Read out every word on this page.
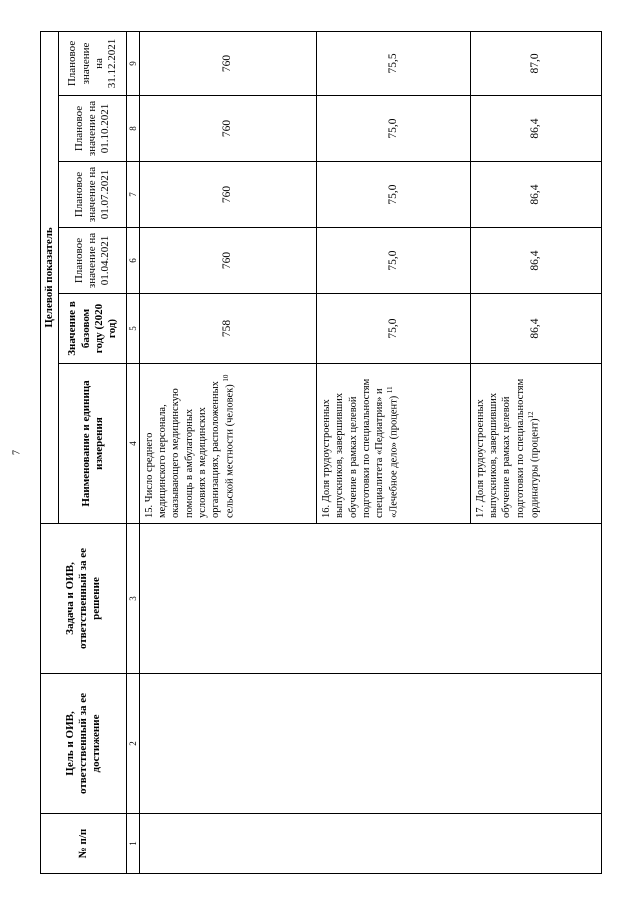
7
№ п/п	Цель и ОИВ, ответственный за ее достижение	Задача и ОИВ, ответственный за ее решение	Целевой показатель					
			Наименование и единица измерения	Значение в базовом году (2020 год)	Плановое значение на 01.04.2021	Плановое значение на 01.07.2021	Плановое значение на 01.10.2021	Плановое значение на 31.12.2021
1	2	3	4	5	6	7	8	9
			15. Число среднего медицинского персонала, оказывающего медицинскую помощь в амбулаторных условиях в медицинских организациях, расположенных сельской местности (человек) $^{10}$	758	760	760	760	760
			16. Доля трудоустроенных выпускников, завершивших обучение в рамках целевой подготовки по специальностям специалитета «Педиатрия» и «Лечебное дело» (процент) $^{11}$	75,0	75,0	75,0	75,0	75,5
			17. Доля трудоустроенных выпускников, завершивших обучение в рамках целевой подготовки по специальностям ординатуры (процент)$^{12}$	86,4	86,4	86,4	86,4	87,0
